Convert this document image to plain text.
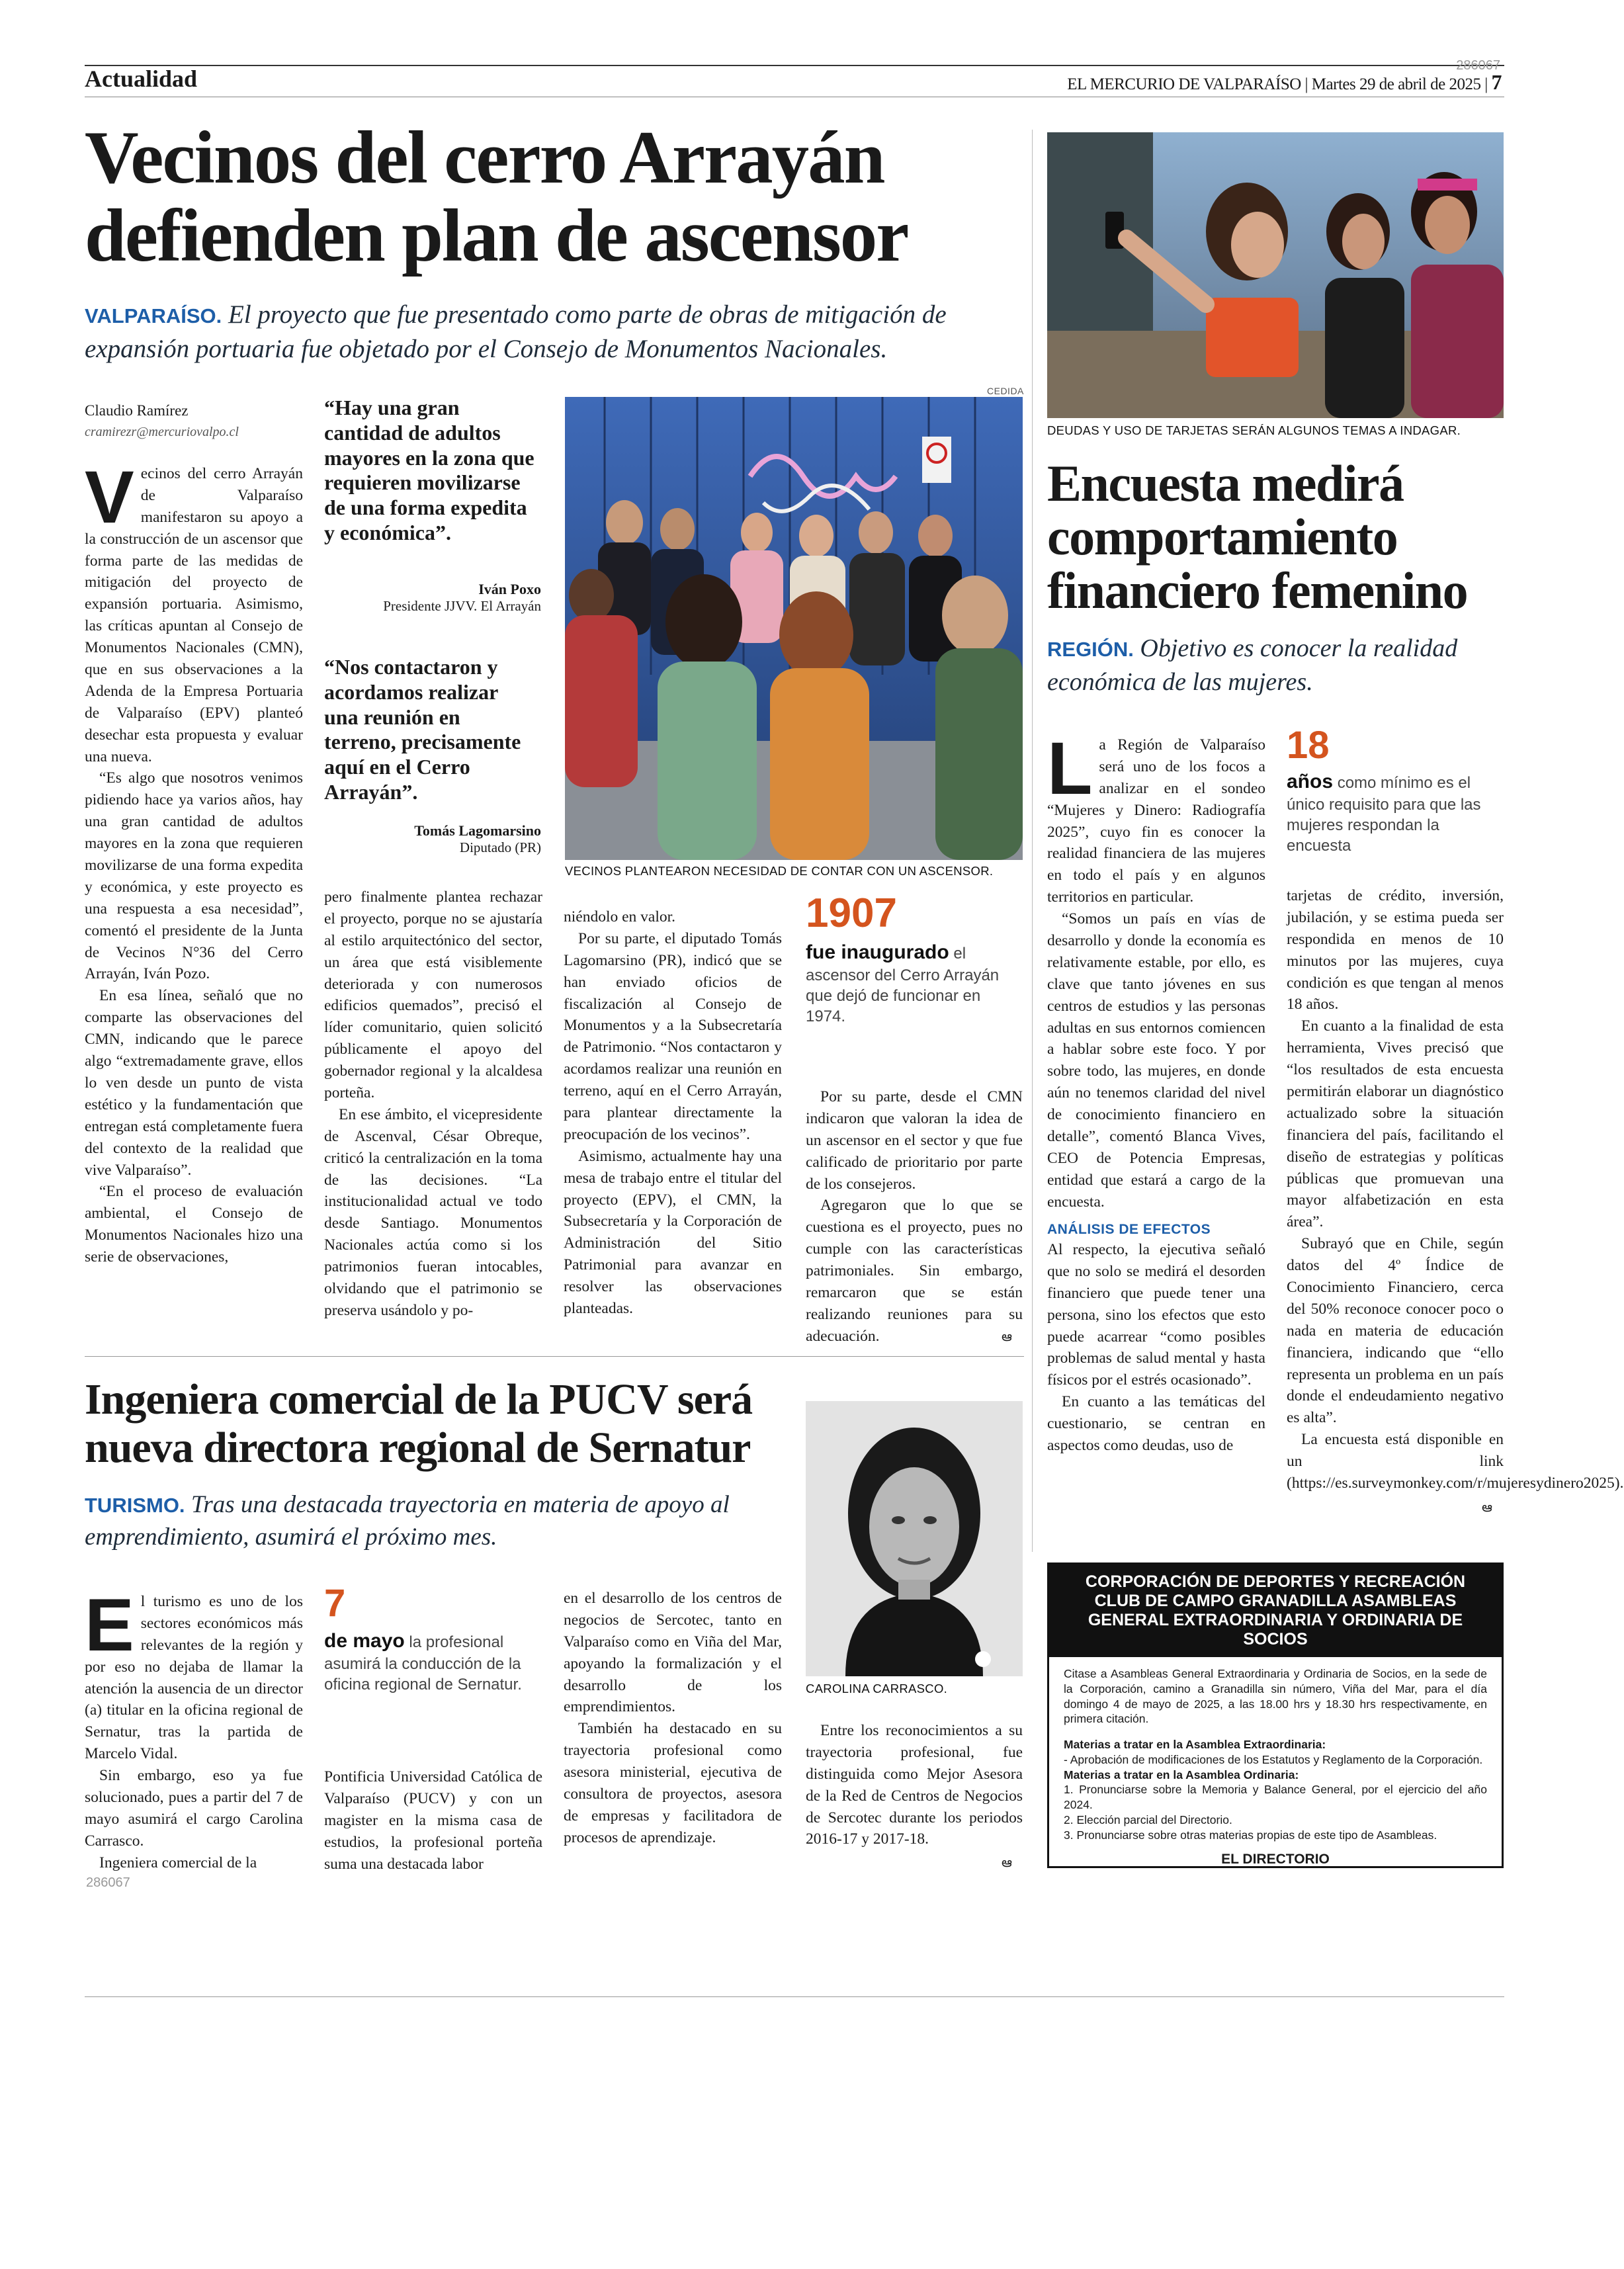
Actualidad	286067
EL MERCURIO DE VALPARAÍSO | Martes 29 de abril de 2025 | 7
Vecinos del cerro Arrayán
defienden plan de ascensor
VALPARAÍSO. El proyecto que fue presentado como parte de obras de mitigación de expansión portuaria fue objetado por el Consejo de Monumentos Nacionales.
Claudio Ramírez
cramirezr@mercuriovalpo.cl

Vecinos del cerro Arrayán de Valparaíso manifestaron su apoyo a la construcción de un ascensor que forma parte de las medidas de mitigación del proyecto de expansión portuaria. Asimismo, las críticas apuntan al Consejo de Monumentos Nacionales (CMN), que en sus observaciones a la Adenda de la Empresa Portuaria de Valparaíso (EPV) planteó desechar esta propuesta y evaluar una nueva.

“Es algo que nosotros venimos pidiendo hace ya varios años, hay una gran cantidad de adultos mayores en la zona que requieren movilizarse de una forma expedita y económica, y este proyecto es una respuesta a esa necesidad”, comentó el presidente de la Junta de Vecinos N°36 del Cerro Arrayán, Iván Pozo.

En esa línea, señaló que no comparte las observaciones del CMN, indicando que le parece algo “extremadamente grave, ellos lo ven desde un punto de vista estético y la fundamentación que entregan está completamente fuera del contexto de la realidad que vive Valparaíso”.

“En el proceso de evaluación ambiental, el Consejo de Monumentos Nacionales hizo una serie de observaciones,

“Hay una gran cantidad de adultos mayores en la zona que requieren movilizarse de una forma expedita y económica”.
Iván Poxo
Presidente JJVV. El Arrayán
“Nos contactaron y acordamos realizar una reunión en terreno, precisamente aquí en el Cerro Arrayán”.
Tomás Lagomarsino
Diputado (PR)
CEDIDA
VECINOS PLANTEARON NECESIDAD DE CONTAR CON UN ASCENSOR.

pero finalmente plantea rechazar el proyecto, porque no se ajustaría al estilo arquitectónico del sector, un área que está visiblemente deteriorada y con numerosos edificios quemados”, precisó el líder comunitario, quien solicitó públicamente el apoyo del gobernador regional y la alcaldesa porteña.

En ese ámbito, el vicepresidente de Ascenval, César Obreque, criticó la centralización en la toma de las decisiones. “La institucionalidad actual ve todo desde Santiago. Monumentos Nacionales actúa como si los patrimonios fueran intocables, olvidando que el patrimonio se preserva usándolo y po-

niéndolo en valor.

Por su parte, el diputado Tomás Lagomarsino (PR), indicó que se han enviado oficios de fiscalización al Consejo de Monumentos y a la Subsecretaría de Patrimonio. “Nos contactaron y acordamos realizar una reunión en terreno, aquí en el Cerro Arrayán, para plantear directamente la preocupación de los vecinos”.

Asimismo, actualmente hay una mesa de trabajo entre el titular del proyecto (EPV), el CMN, la Subsecretaría y la Corporación de Administración del Sitio Patrimonial para avanzar en resolver las observaciones planteadas.

1907
fue inaugurado el ascensor del Cerro Arrayán que dejó de funcionar en 1974.

Por su parte, desde el CMN indicaron que valoran la idea de un ascensor en el sector y que fue calificado de prioritario por parte de los consejeros.

Agregaron que lo que se cuestiona es el proyecto, pues no cumple con las características patrimoniales. Sin embargo, remarcaron que se están realizando reuniones para su adecuación.	ఆ
DEUDAS Y USO DE TARJETAS SERÁN ALGUNOS TEMAS A INDAGAR.
Encuesta medirá
comportamiento
financiero femenino
REGIÓN. Objetivo es conocer la realidad económica de las mujeres.

La Región de Valparaíso será uno de los focos a analizar en el sondeo “Mujeres y Dinero: Radiografía 2025”, cuyo fin es conocer la realidad financiera de las mujeres en todo el país y en algunos territorios en particular.

“Somos un país en vías de desarrollo y donde la economía es relativamente estable, por ello, es clave que tanto jóvenes en sus centros de estudios y las personas adultas en sus entornos comiencen a hablar sobre este foco. Y por sobre todo, las mujeres, en donde aún no tenemos claridad del nivel de conocimiento financiero en detalle”, comentó Blanca Vives, CEO de Potencia Empresas, entidad que estará a cargo de la encuesta.

ANÁLISIS DE EFECTOS

Al respecto, la ejecutiva señaló que no solo se medirá el desorden financiero que puede tener una persona, sino los efectos que esto puede acarrear “como posibles problemas de salud mental y hasta físicos por el estrés ocasionado”.

En cuanto a las temáticas del cuestionario, se centran en aspectos como deudas, uso de

18
años como mínimo es el único requisito para que las mujeres respondan la encuesta

tarjetas de crédito, inversión, jubilación, y se estima pueda ser respondida en menos de 10 minutos por las mujeres, cuya condición es que tengan al menos 18 años.

En cuanto a la finalidad de esta herramienta, Vives precisó que “los resultados de esta encuesta permitirán elaborar un diagnóstico actualizado sobre la situación financiera del país, facilitando el diseño de estrategias y políticas públicas que promuevan una mayor alfabetización en esta área”.

Subrayó que en Chile, según datos del 4º Índice de Conocimiento Financiero, cerca del 50% reconoce conocer poco o nada en materia de educación financiera, indicando que “ello representa un problema en un país donde el endeudamiento negativo es alta”.

La encuesta está disponible en un link (https://es.surveymonkey.com/r/mujeresydinero2025).

ఆ
Ingeniera comercial de la PUCV será
nueva directora regional de Sernatur
TURISMO. Tras una destacada trayectoria en materia de apoyo al emprendimiento, asumirá el próximo mes.
CAROLINA CARRASCO.

El turismo es uno de los sectores económicos más relevantes de la región y por eso no dejaba de llamar la atención la ausencia de un director (a) titular en la oficina regional de Sernatur, tras la partida de Marcelo Vidal.

Sin embargo, eso ya fue solucionado, pues a partir del 7 de mayo asumirá el cargo Carolina Carrasco.

Ingeniera comercial de la

286067
7
de mayo la profesional asumirá la conducción de la oficina regional de Sernatur.

Pontificia Universidad Católica de Valparaíso (PUCV) y con un magister en la misma casa de estudios, la profesional porteña suma una destacada labor

en el desarrollo de los centros de negocios de Sercotec, tanto en Valparaíso como en Viña del Mar, apoyando la formalización y el desarrollo de los emprendimientos.

También ha destacado en su trayectoria profesional como asesora ministerial, ejecutiva de consultora de proyectos, asesora de empresas y facilitadora de procesos de aprendizaje.

Entre los reconocimientos a su trayectoria profesional, fue distinguida como Mejor Asesora de la Red de Centros de Negocios de Sercotec durante los periodos 2016-17 y 2017-18.

ఆ
CORPORACIÓN DE DEPORTES Y RECREACIÓN CLUB DE CAMPO GRANADILLA ASAMBLEAS GENERAL EXTRAORDINARIA Y ORDINARIA DE SOCIOS
Citase a Asambleas General Extraordinaria y Ordinaria de Socios, en la sede de la Corporación, camino a Granadilla sin número, Viña del Mar, para el día domingo 4 de mayo de 2025, a las 18.00 hrs y 18.30 hrs respectivamente, en primera citación.
Materias a tratar en la Asamblea Extraordinaria:
- Aprobación de modificaciones de los Estatutos y Reglamento de la Corporación.
Materias a tratar en la Asamblea Ordinaria:
1. Pronunciarse sobre la Memoria y Balance General, por el ejercicio del año 2024.
2. Elección parcial del Directorio.
3. Pronunciarse sobre otras materias propias de este tipo de Asambleas.
EL DIRECTORIO
